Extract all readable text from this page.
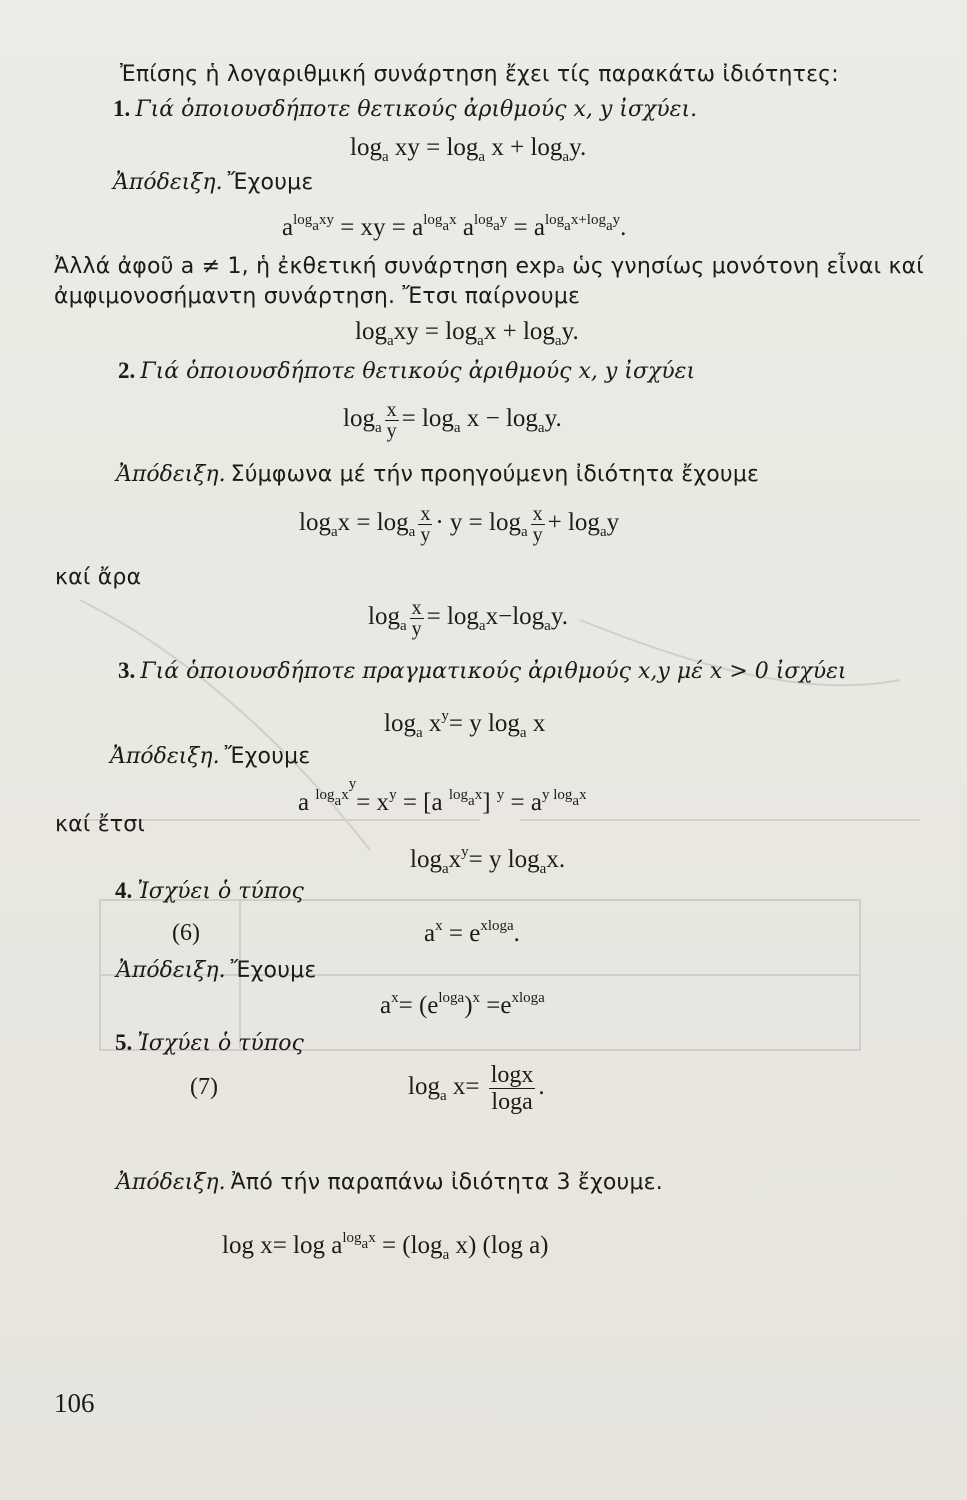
Ἐπίσης ἡ λογαριθμική συνάρτηση ἔχει τίς παρακάτω ἰδιότητες:
1. Γιά ὁποιουσδήποτε θετικούς ἀριθμούς x, y ἰσχύει.
$\log_a$ xy = $\log_a x + \log_ay$.
Ἀπόδειξη. Ἔχουμε
$a^{log_axy}$ = xy = $a^{log_ax}$ $a^{log_ay} = a^{log_ax+log_ay}$.
Ἀλλά ἀφοῦ a ≠ 1, ἡ ἐκθετική συνάρτηση expₐ ὡς γνησίως μονότονη εἶναι καί
ἀμφιμονοσήμαντη συνάρτηση. Ἔτσι παίρνουμε
$\log_axy = \log_ax + \log_ay$.
2. Γιά ὁποιουσδήποτε θετικούς ἀριθμούς x, y ἰσχύει
$\log_a \frac{x}{y} = \log_a x - \log_ay$.
Ἀπόδειξη. Σύμφωνα μέ τήν προηγούμενη ἰδιότητα ἔχουμε
$\log_ax = \log_a \frac{x}{y} \cdot y = \log_a \frac{x}{y} + \log_ay$
καί ἄρα
$\log_a \frac{x}{y} = \log_ax-\log_ay$.
3. Γιά ὁποιουσδήποτε πραγματικούς ἀριθμούς x,y μέ x > 0 ἰσχύει
$\log_a x^y= y$ $\log_a x$
Ἀπόδειξη. Ἔχουμε
a $^{log_ax^y}= x^y = [a$ $^{log_ax}$] $^y = a^{y log_ax}$
καί ἔτσι
$\log_ax^y= y$ $\log_ax$.
4. Ἰσχύει ὁ τύπος
(6)	$a^x = e^{xloga}$.
Ἀπόδειξη. Ἔχουμε
$a^x= (e^{loga})^x =e^{xloga}$
5. Ἰσχύει ὁ τύπος
(7)	$\log_a x= \frac{\log x}{\log a}$ .
Ἀπόδειξη. Ἀπό τήν παραπάνω ἰδιότητα 3 ἔχουμε.
$\log x= \log a^{log_ax} = (\log_a$ x) (log a)
106
